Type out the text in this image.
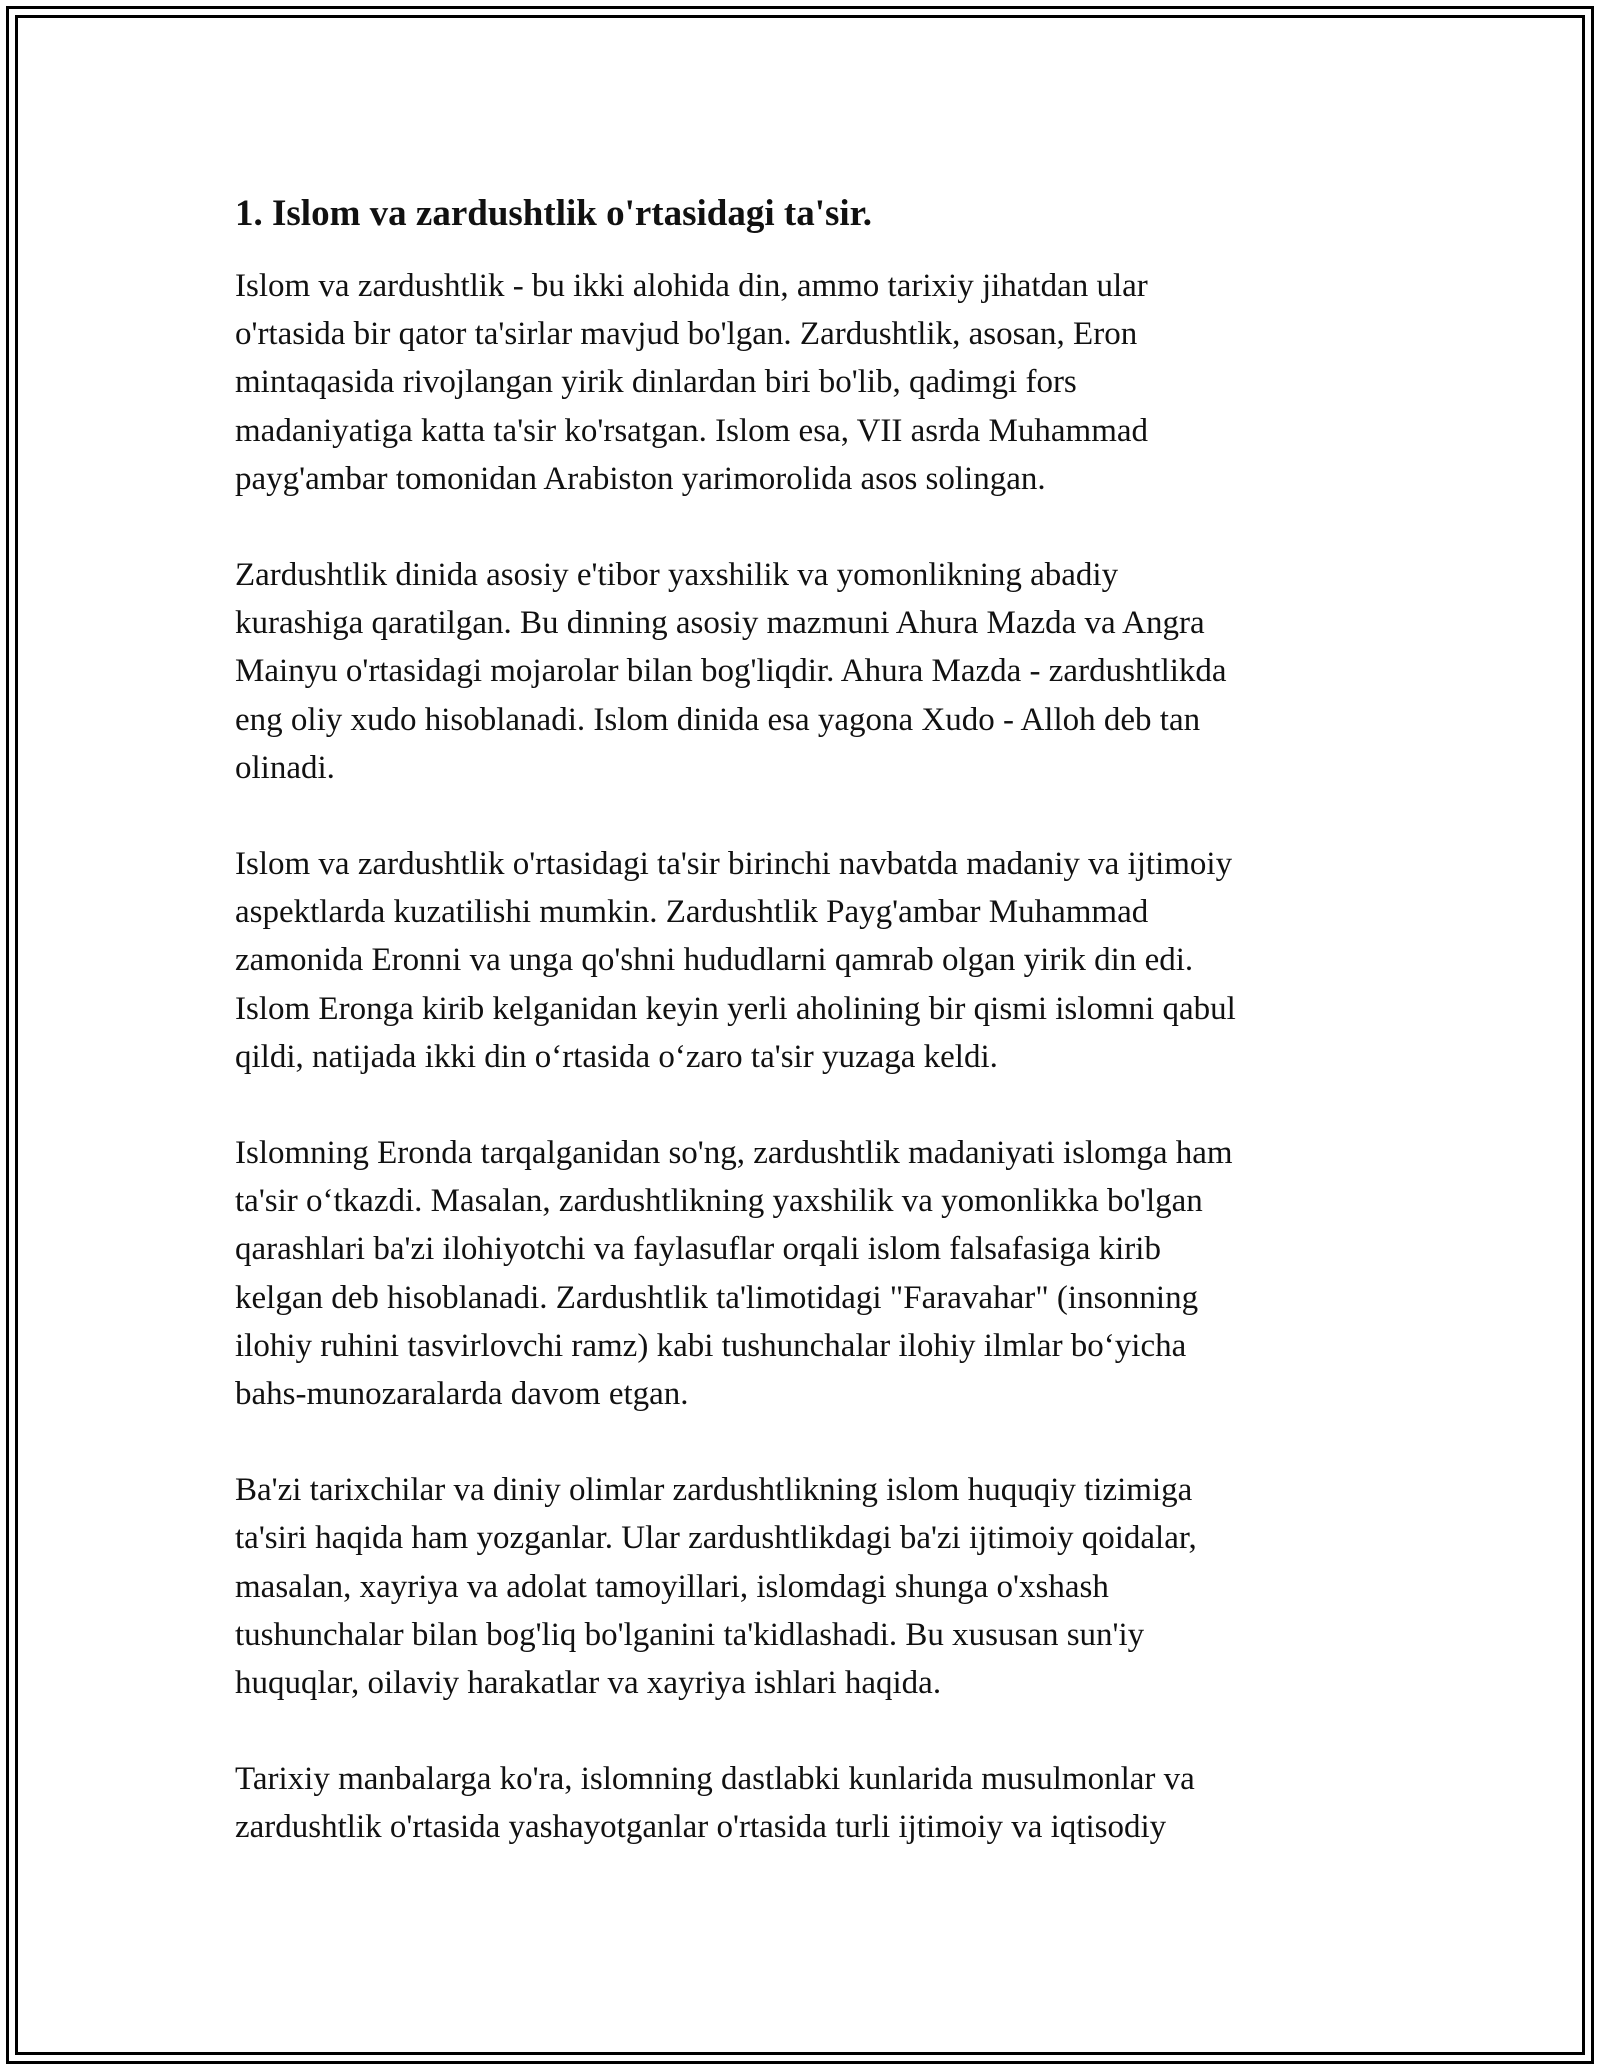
1. Islom va zardushtlik o'rtasidagi ta'sir.

Islom va zardushtlik - bu ikki alohida din, ammo tarixiy jihatdan ular
o'rtasida bir qator ta'sirlar mavjud bo'lgan. Zardushtlik, asosan, Eron
mintaqasida rivojlangan yirik dinlardan biri bo'lib, qadimgi fors
madaniyatiga katta ta'sir ko'rsatgan. Islom esa, VII asrda Muhammad
payg'ambar tomonidan Arabiston yarimorolida asos solingan.

Zardushtlik dinida asosiy e'tibor yaxshilik va yomonlikning abadiy
kurashiga qaratilgan. Bu dinning asosiy mazmuni Ahura Mazda va Angra
Mainyu o'rtasidagi mojarolar bilan bog'liqdir. Ahura Mazda - zardushtlikda
eng oliy xudo hisoblanadi. Islom dinida esa yagona Xudo - Alloh deb tan
olinadi.

Islom va zardushtlik o'rtasidagi ta'sir birinchi navbatda madaniy va ijtimoiy
aspektlarda kuzatilishi mumkin. Zardushtlik Payg'ambar Muhammad
zamonida Eronni va unga qo'shni hududlarni qamrab olgan yirik din edi.
Islom Eronga kirib kelganidan keyin yerli aholining bir qismi islomni qabul
qildi, natijada ikki din o‘rtasida o‘zaro ta'sir yuzaga keldi.

Islomning Eronda tarqalganidan so'ng, zardushtlik madaniyati islomga ham
ta'sir o‘tkazdi. Masalan, zardushtlikning yaxshilik va yomonlikka bo'lgan
qarashlari ba'zi ilohiyotchi va faylasuflar orqali islom falsafasiga kirib
kelgan deb hisoblanadi. Zardushtlik ta'limotidagi "Faravahar" (insonning
ilohiy ruhini tasvirlovchi ramz) kabi tushunchalar ilohiy ilmlar bo‘yicha
bahs-munozaralarda davom etgan.

Ba'zi tarixchilar va diniy olimlar zardushtlikning islom huquqiy tizimiga
ta'siri haqida ham yozganlar. Ular zardushtlikdagi ba'zi ijtimoiy qoidalar,
masalan, xayriya va adolat tamoyillari, islomdagi shunga o'xshash
tushunchalar bilan bog'liq bo'lganini ta'kidlashadi. Bu xususan sun'iy
huquqlar, oilaviy harakatlar va xayriya ishlari haqida.

Tarixiy manbalarga ko'ra, islomning dastlabki kunlarida musulmonlar va
zardushtlik o'rtasida yashayotganlar o'rtasida turli ijtimoiy va iqtisodiy
